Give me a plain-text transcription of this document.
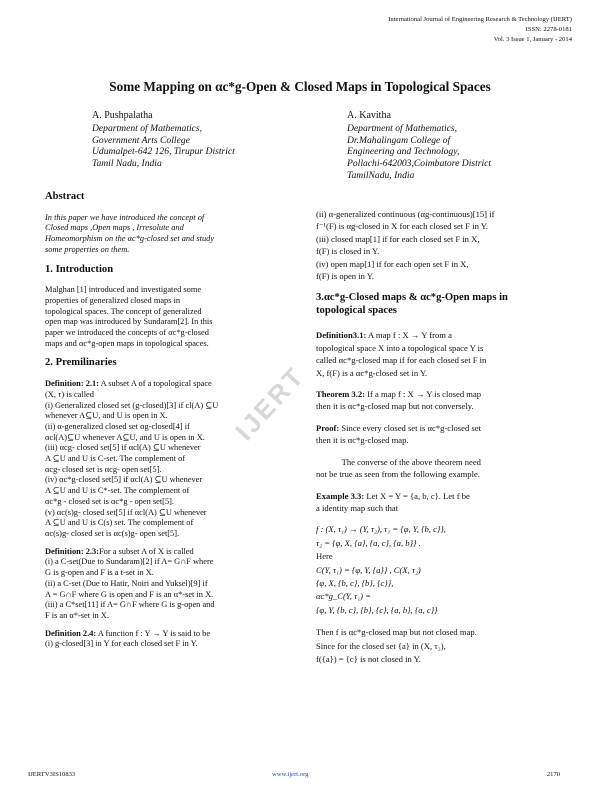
International Journal of Engineering Research & Technology (IJERT)
ISSN: 2278-0181
Vol. 3 Issue 1, January - 2014
Some Mapping on αc*g-Open & Closed Maps in Topological Spaces
A. Pushpalatha
Department of Mathematics,
Government Arts College
Udumalpet-642 126, Tirupur District
Tamil Nadu, India
A. Kavitha
Department of Mathematics,
Dr.Mahalingam College of
Engineering and Technology,
Pollachi-642003,Coimbatore District
TamilNadu, India
IJERT
Abstract

In this paper we have introduced the concept of
Closed maps ,Open maps , Irresolute and
Homeomorphism on the αc*g-closed set and study
some properties on them.

1. Introduction

Malghan [1] introduced and investigated some
properties of generalized closed maps in
topological spaces. The concept of generalized
open map was introduced by Sundaram[2]. In this
paper we introduced the concepts of αc*g-closed
maps and αc*g-open maps in topological spaces.

2. Premilinaries

Definition: 2.1: A subset A of a topological space
(X, τ) is called
(i) Generalized closed set (g-closed)[3] if cl(A) ⊆U
whenever A⊆U, and U is open in X.
(ii) α-generalized closed set αg-closed[4] if
αcl(A)⊆U whenever A⊆U, and U is open in X.
(iii) αcg- closed set[5] if αcl(A) ⊆U whenever
A ⊆U and U is C-set. The complement of
αcg- closed set is αcg- open set[5].
(iv) αc*g-closed set[5] if αcl(A) ⊆U whenever
A ⊆U and U is C*-set. The complement of
αc*g - closed set is αc*g - open set[5].
(v) αc(s)g- closed set[5] if αcl(A) ⊆U whenever
A ⊆U and U is C(s) set. The complement of
αc(s)g- closed set is αc(s)g- open set[5].

Definition: 2.3:For a subset A of X is called
(i) a C-set(Due to Sundaram)[2] if A= G∩F where
G is g-open and F is a t-set in X.
(ii) a C-set (Due to Hatir, Noiri and Yuksel)[9] if
A = G∩F where G is open and F is an α*-set in X.
(iii) a C*set[11] if A= G∩F where G is g-open and
F is an α*-set in X.

Definition 2.4: A function f : Y → Y is said to be
(i) g-closed[3] in Y for each closed set F in Y.

(ii) α-generalized continuous (αg-continuous)[15] if
f⁻¹(F) is αg-closed in X for each closed set F in Y.
(iii) closed map[1] if for each closed set F in X,
f(F) is closed in Y.
(iv) open map[1] if for each open set F in X,
f(F) is open in Y.

3.αc*g-Closed maps & αc*g-Open maps in
topological spaces

Definition3.1: A map f : X → Y from a
topological space X into a topological space Y is
called αc*g-closed map if for each closed set F in
X, f(F) is a αc*g-closed set in Y.

Theorem 3.2: If a map f : X → Y is closed map
then it is αc*g-closed map but not conversely.

Proof: Since every closed set is αc*g-closed set
then it is αc*g-closed map.

The converse of the above theorem need
not be true as seen from the following example.

Example 3.3: Let X = Y = {a, b, c}. Let f be
a identity map such that

f : (X, τ₁) → (Y, τ₂), τ₁ = {φ, Y, {b, c}},
τ₂ = {φ, X, {a}, {a, c}, {a, b}} .
Here
C(Y, τ₁) = {φ, Y, {a}} , C(X, τ₂)
{φ, X, {b, c}, {b}, {c}},
αc*g_C(Y, τ₁) =
{φ, Y, {b, c}, {b}, {c}, {a, b}, {a, c}}

Then f is αc*g-closed map but not closed map.
Since for the closed set {a} in (X, τ₂),
f({a}) = {c} is not closed in Y.

IJERTV3IS10833	www.ijert.org	2170
